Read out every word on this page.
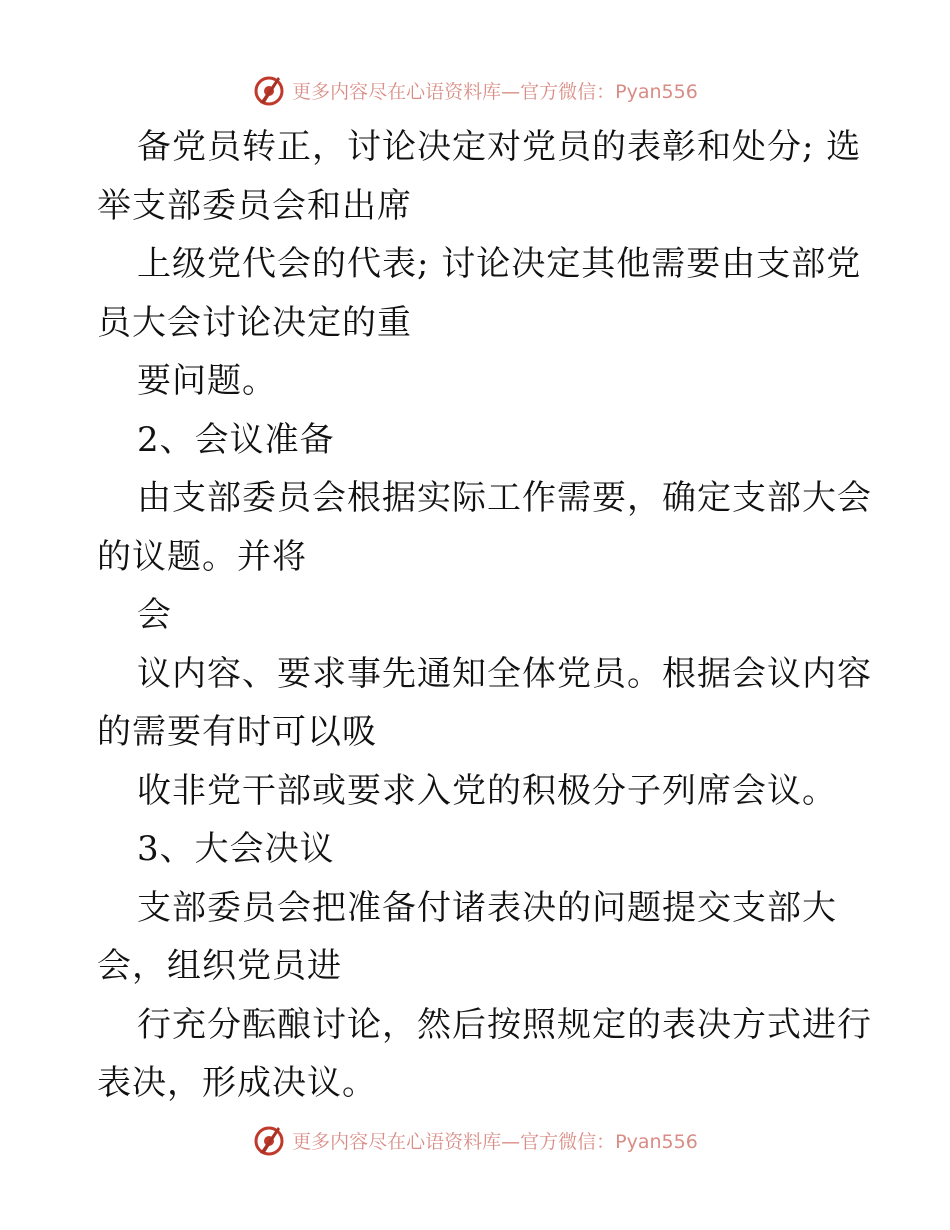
更多内容尽在心语资料库—官方微信：Pyan556
备党员转正，讨论决定对党员的表彰和处分; 选
举支部委员会和出席
上级党代会的代表; 讨论决定其他需要由支部党
员大会讨论决定的重
要问题。
2、会议准备
由支部委员会根据实际工作需要，确定支部大会
的议题。并将
会
议内容、要求事先通知全体党员。根据会议内容
的需要有时可以吸
收非党干部或要求入党的积极分子列席会议。
3、大会决议
支部委员会把准备付诸表决的问题提交支部大
会，组织党员进
行充分酝酿讨论，然后按照规定的表决方式进行
表决，形成决议。
更多内容尽在心语资料库—官方微信：Pyan556
